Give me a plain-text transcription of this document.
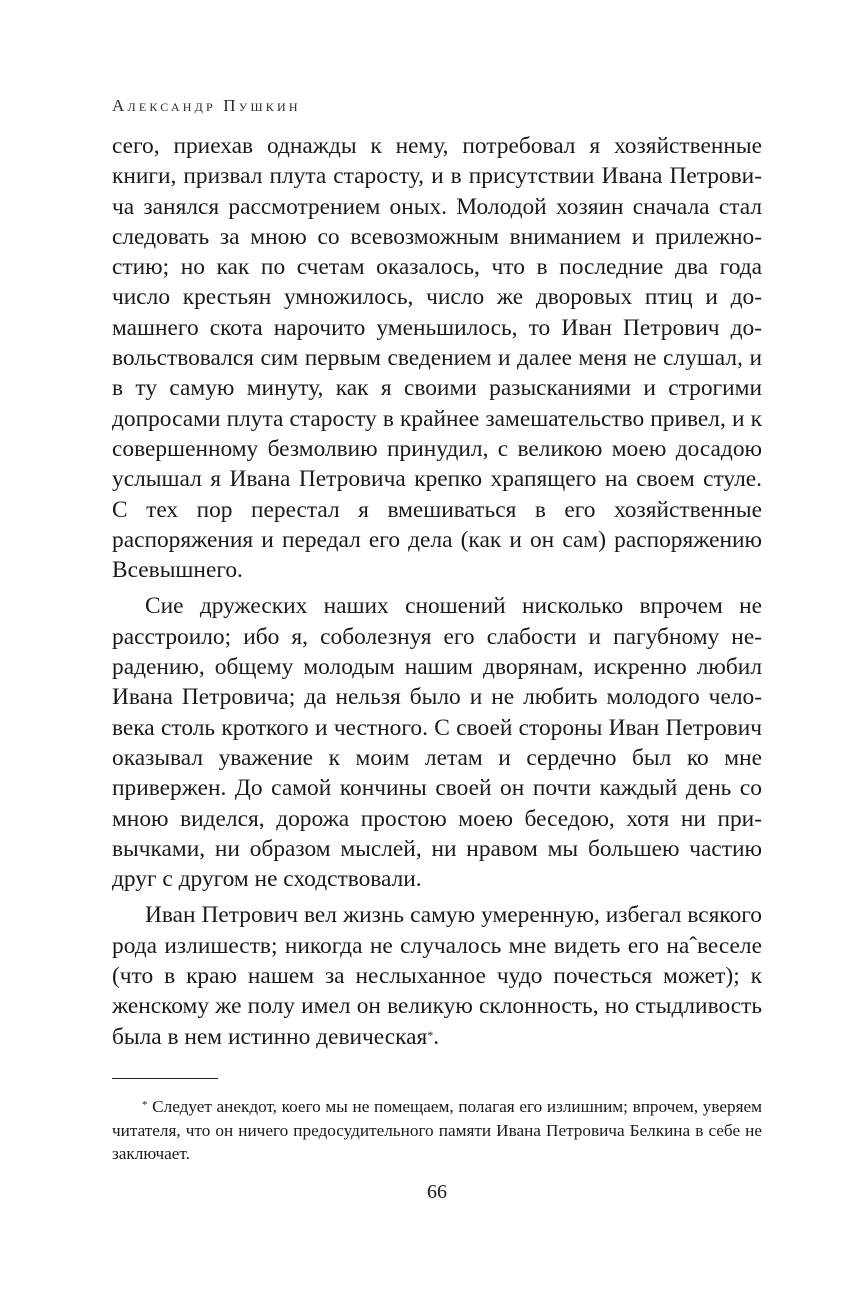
Александр Пушкин

сего, приехав однажды к нему, потребовал я хозяйственные книги, призвал плута старосту, и в присутствии Ивана Петровича занялся рассмотрением оных. Молодой хозяин сначала стал следовать за мною со всевозможным вниманием и прилежностию; но как по счетам оказалось, что в последние два года число крестьян умножилось, число же дворовых птиц и домашнего скота нарочито уменьшилось, то Иван Петрович довольствовался сим первым сведением и далее меня не слушал, и в ту самую минуту, как я своими разысканиями и строгими допросами плута старосту в крайнее замешательство привел, и к совершенному безмолвию принудил, с великою моею досадою услышал я Ивана Петровича крепко храпящего на своем стуле. С тех пор перестал я вмешиваться в его хозяйственные распоряжения и передал его дела (как и он сам) распоряжению Всевышнего.

Сие дружеских наших сношений нисколько впрочем не расстроило; ибо я, соболезнуя его слабости и пагубному нерадению, общему молодым нашим дворянам, искренно любил Ивана Петровича; да нельзя было и не любить молодого человека столь кроткого и честного. С своей стороны Иван Петрович оказывал уважение к моим летам и сердечно был ко мне привержен. До самой кончины своей он почти каждый день со мною виделся, дорожа простою моею беседою, хотя ни привычками, ни образом мыслей, ни нравом мы большею частию друг с другом не сходствовали.

Иван Петрович вел жизнь самую умеренную, избегал всякого рода излишеств; никогда не случалось мне видеть его наˆвеселе (что в краю нашем за неслыханное чудо почесться может); к женскому же полу имел он великую склонность, но стыдливость была в нем истинно девическая*.

* Следует анекдот, коего мы не помещаем, полагая его излишним; впрочем, уверяем читателя, что он ничего предосудительного памяти Ивана Петровича Белкина в себе не заключает.

66
